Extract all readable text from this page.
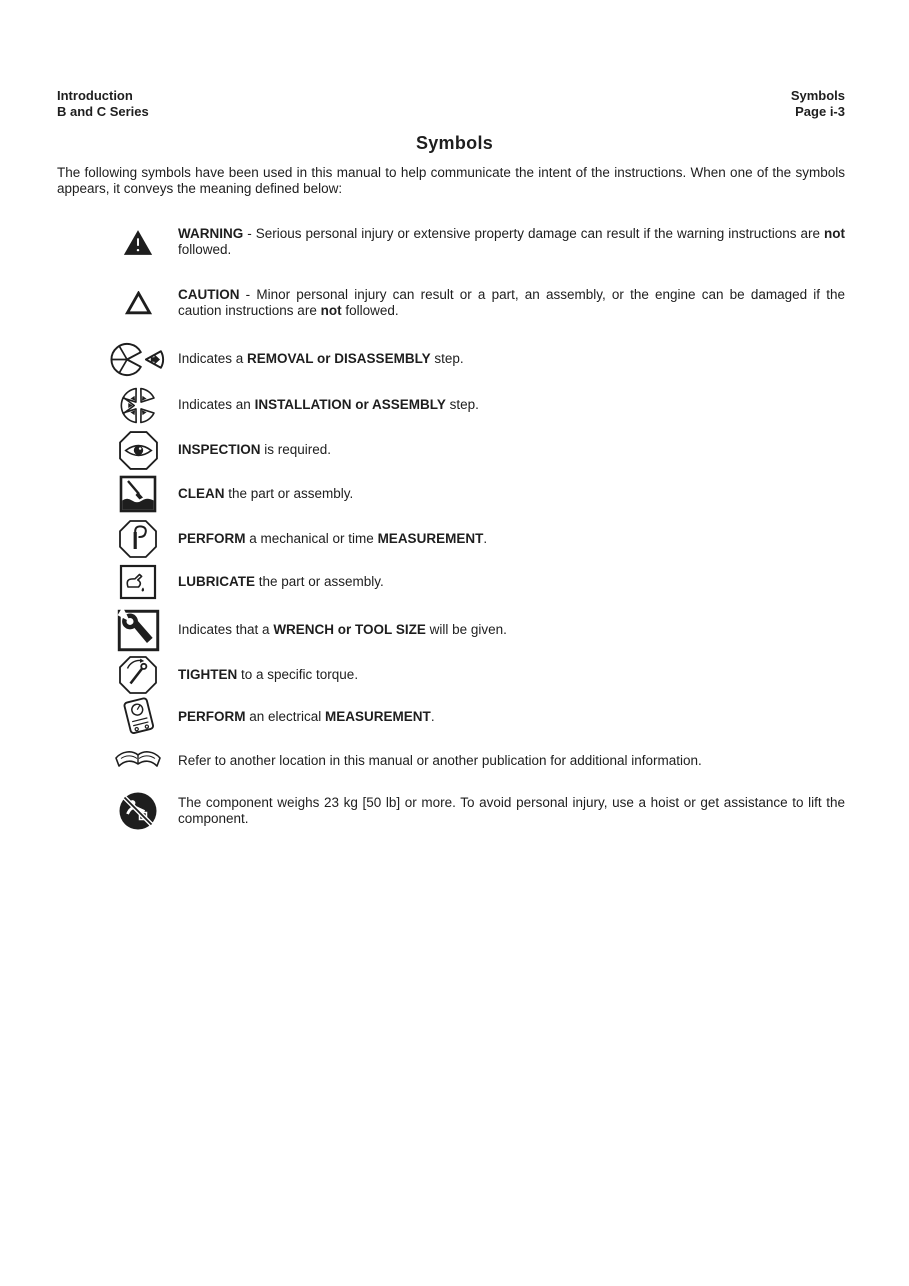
Introduction
B and C Series
Symbols
Page i-3
Symbols
The following symbols have been used in this manual to help communicate the intent of the instructions. When one of the symbols appears, it conveys the meaning defined below:
WARNING - Serious personal injury or extensive property damage can result if the warning instructions are not followed.
CAUTION - Minor personal injury can result or a part, an assembly, or the engine can be damaged if the caution instructions are not followed.
Indicates a REMOVAL or DISASSEMBLY step.
Indicates an INSTALLATION or ASSEMBLY step.
INSPECTION is required.
CLEAN the part or assembly.
PERFORM a mechanical or time MEASUREMENT.
LUBRICATE the part or assembly.
Indicates that a WRENCH or TOOL SIZE will be given.
TIGHTEN to a specific torque.
PERFORM an electrical MEASUREMENT.
Refer to another location in this manual or another publication for additional information.
The component weighs 23 kg [50 lb] or more. To avoid personal injury, use a hoist or get assistance to lift the component.
